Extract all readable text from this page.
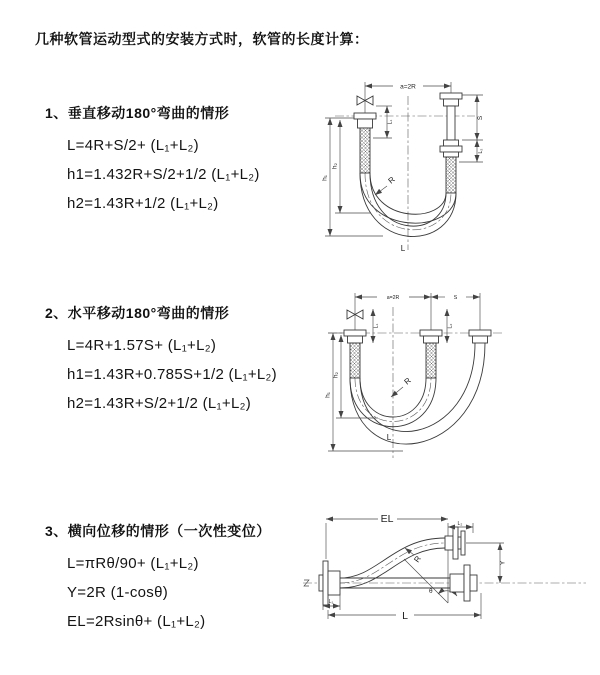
几种软管运动型式的安装方式时，软管的长度计算：
1、垂直移动180°弯曲的情形

L=4R+S/2+ (L₁+L₂)

h1=1.432R+S/2+1/2 (L₁+L₂)

h2=1.43R+1/2 (L₁+L₂)

a=2R
h₁
h₂
L₁
S
L₂
R
L
2、水平移动180°弯曲的情形

L=4R+1.57S+ (L₁+L₂)

h1=1.43R+0.785S+1/2 (L₁+L₂)

h2=1.43R+S/2+1/2 (L₁+L₂)

a=2R	S
h₁
h₂
L₁	L₂
R
L
3、横向位移的情形（一次性变位）

L=πRθ/90+ (L₁+L₂)

Y=2R (1-cosθ)

EL=2Rsinθ+ (L₁+L₂)

θ
EL	L₂
Y
L₁
L
R
